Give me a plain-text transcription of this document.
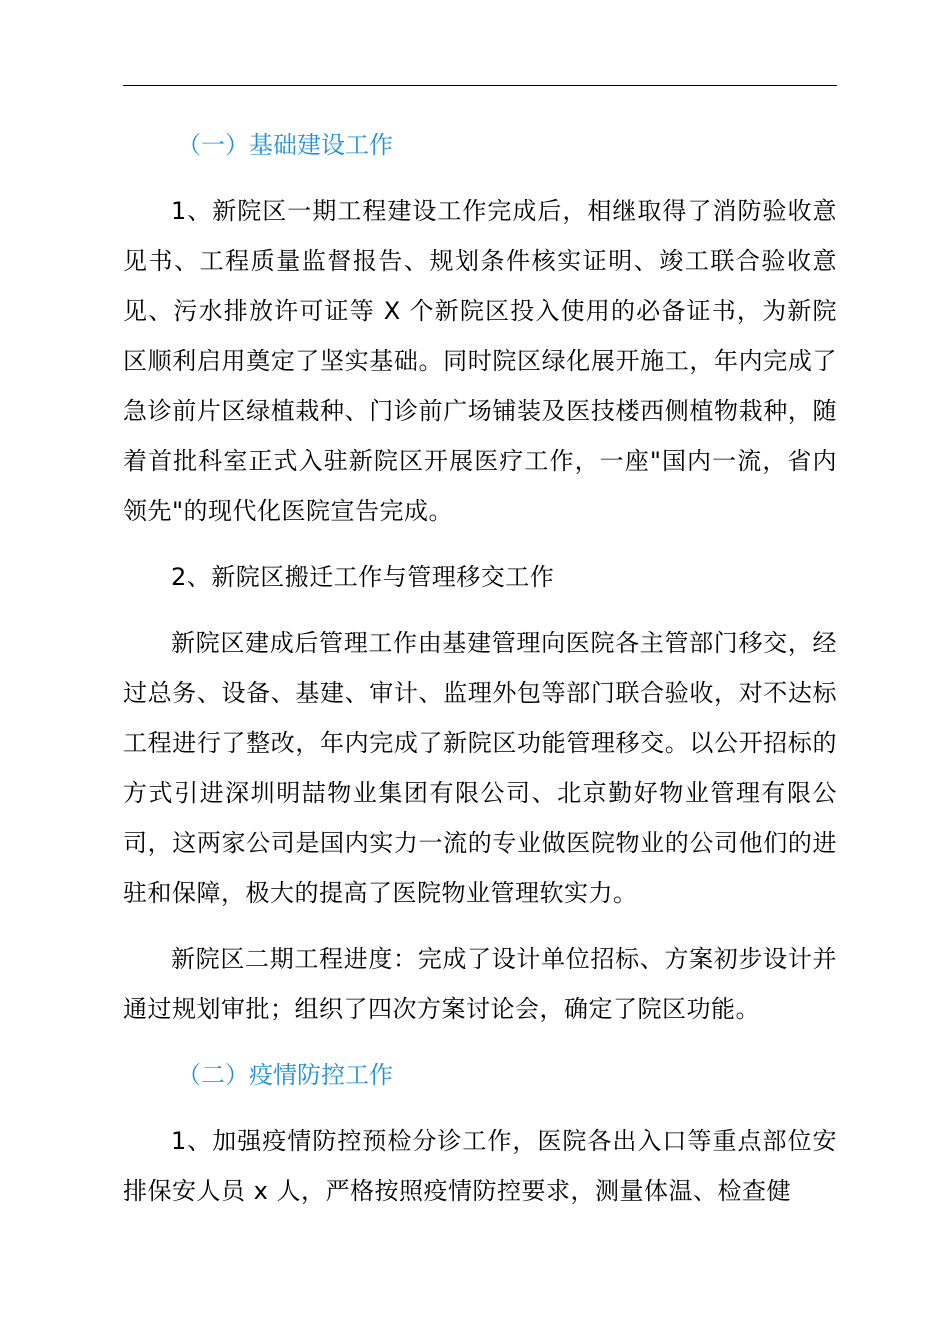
（一）基础建设工作

1、新院区一期工程建设工作完成后，相继取得了消防验收意见书、工程质量监督报告、规划条件核实证明、竣工联合验收意见、污水排放许可证等 X 个新院区投入使用的必备证书，为新院区顺利启用奠定了坚实基础。同时院区绿化展开施工，年内完成了急诊前片区绿植栽种、门诊前广场铺装及医技楼西侧植物栽种，随着首批科室正式入驻新院区开展医疗工作，一座"国内一流，省内领先"的现代化医院宣告完成。

2、新院区搬迁工作与管理移交工作

新院区建成后管理工作由基建管理向医院各主管部门移交，经过总务、设备、基建、审计、监理外包等部门联合验收，对不达标工程进行了整改，年内完成了新院区功能管理移交。以公开招标的方式引进深圳明喆物业集团有限公司、北京勤好物业管理有限公司，这两家公司是国内实力一流的专业做医院物业的公司他们的进驻和保障，极大的提高了医院物业管理软实力。

新院区二期工程进度：完成了设计单位招标、方案初步设计并通过规划审批；组织了四次方案讨论会，确定了院区功能。

（二）疫情防控工作

1、加强疫情防控预检分诊工作，医院各出入口等重点部位安排保安人员 x 人，严格按照疫情防控要求，测量体温、检查健
